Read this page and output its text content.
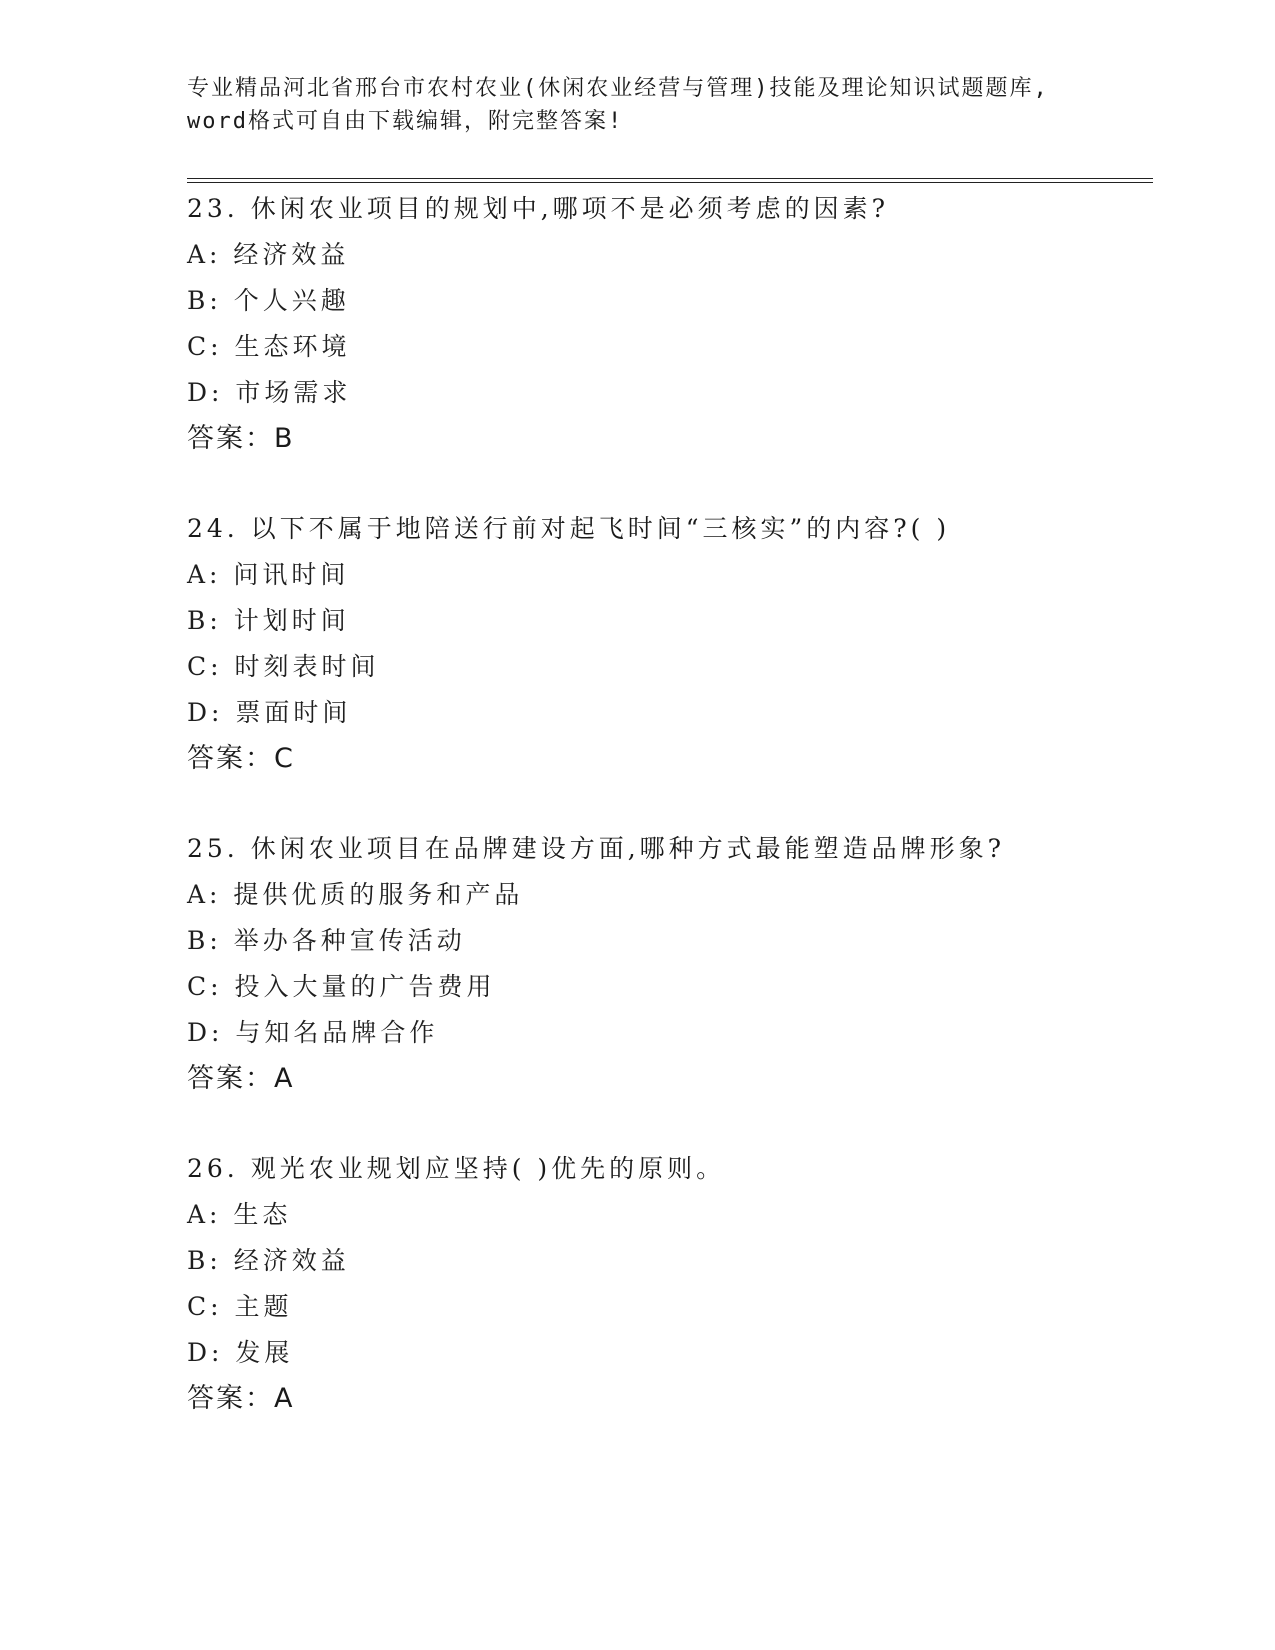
专业精品河北省邢台市农村农业(休闲农业经营与管理)技能及理论知识试题题库,
word格式可自由下载编辑，附完整答案!
23. 休闲农业项目的规划中,哪项不是必须考虑的因素?
A: 经济效益
B: 个人兴趣
C: 生态环境
D: 市场需求
答案：B
24. 以下不属于地陪送行前对起飞时间“三核实”的内容?( )
A: 问讯时间
B: 计划时间
C: 时刻表时间
D: 票面时间
答案：C
25. 休闲农业项目在品牌建设方面,哪种方式最能塑造品牌形象?
A: 提供优质的服务和产品
B: 举办各种宣传活动
C: 投入大量的广告费用
D: 与知名品牌合作
答案：A
26. 观光农业规划应坚持( )优先的原则。
A: 生态
B: 经济效益
C: 主题
D: 发展
答案：A
